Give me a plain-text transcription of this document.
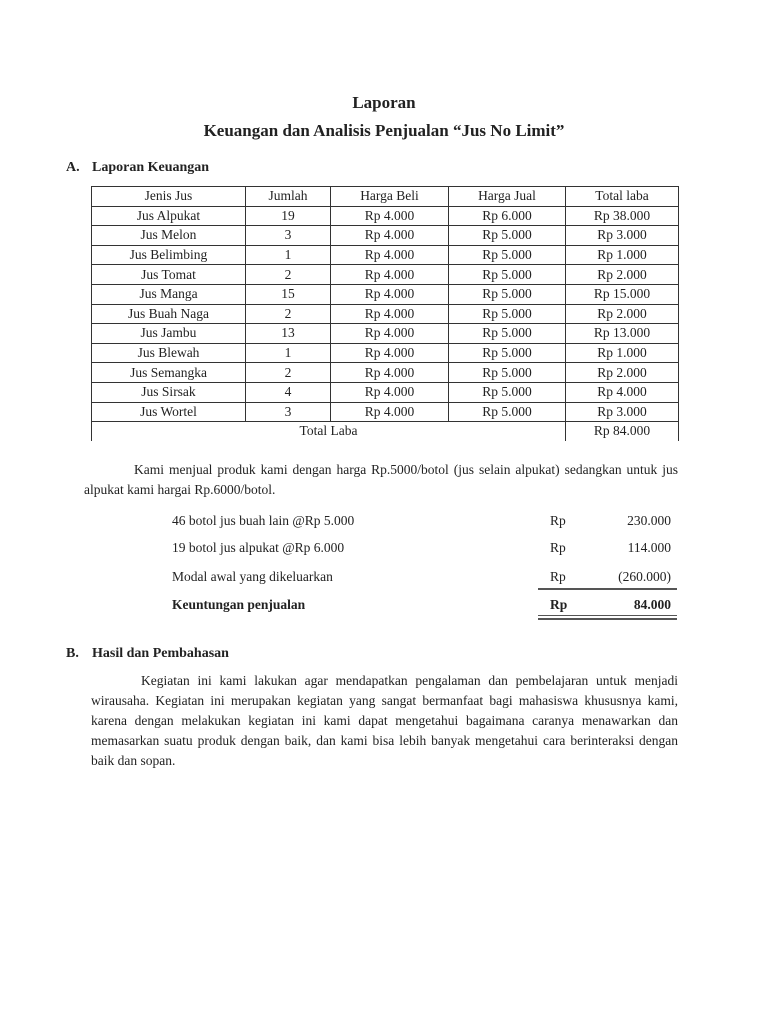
Laporan
Keuangan dan Analisis Penjualan “Jus No Limit”
A. Laporan Keuangan
Jenis Jus	Jumlah	Harga Beli	Harga Jual	Total laba
Jus Alpukat	19	Rp 4.000	Rp 6.000	Rp 38.000
Jus Melon	3	Rp 4.000	Rp 5.000	Rp 3.000
Jus Belimbing	1	Rp 4.000	Rp 5.000	Rp 1.000
Jus Tomat	2	Rp 4.000	Rp 5.000	Rp 2.000
Jus Manga	15	Rp 4.000	Rp 5.000	Rp 15.000
Jus Buah Naga	2	Rp 4.000	Rp 5.000	Rp 2.000
Jus Jambu	13	Rp 4.000	Rp 5.000	Rp 13.000
Jus Blewah	1	Rp 4.000	Rp 5.000	Rp 1.000
Jus Semangka	2	Rp 4.000	Rp 5.000	Rp 2.000
Jus Sirsak	4	Rp 4.000	Rp 5.000	Rp 4.000
Jus Wortel	3	Rp 4.000	Rp 5.000	Rp 3.000
Total Laba				Rp 84.000
Kami menjual produk kami dengan harga Rp.5000/botol (jus selain alpukat) sedangkan untuk jus alpukat kami hargai Rp.6000/botol.
46 botol jus buah lain @Rp 5.000	Rp	230.000
19 botol jus alpukat @Rp 6.000	Rp	114.000
Modal awal yang dikeluarkan	Rp	(260.000)
Keuntungan penjualan	Rp	84.000
B. Hasil dan Pembahasan
Kegiatan ini kami lakukan agar mendapatkan pengalaman dan pembelajaran untuk menjadi wirausaha. Kegiatan ini merupakan kegiatan yang sangat bermanfaat bagi mahasiswa khususnya kami, karena dengan melakukan kegiatan ini kami dapat mengetahui bagaimana caranya menawarkan dan memasarkan suatu produk dengan baik, dan kami bisa lebih banyak mengetahui cara berinteraksi dengan baik dan sopan.
